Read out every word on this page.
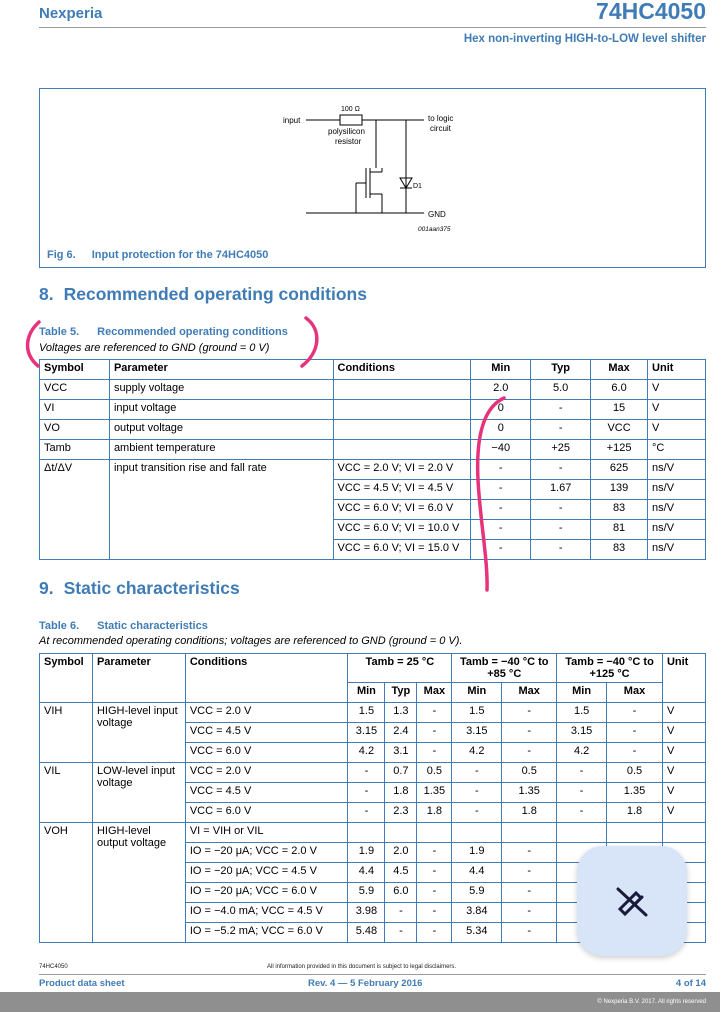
Nexperia	74HC4050
Hex non-inverting HIGH-to-LOW level shifter
input
100 Ω
polysilicon
resistor
to logic
circuit
D1
GND
001aan375
Fig 6. Input protection for the 74HC4050
8. Recommended operating conditions
Table 5. Recommended operating conditions
Voltages are referenced to GND (ground = 0 V)
Symbol	Parameter	Conditions	Min	Typ	Max	Unit
VCC	supply voltage		2.0	5.0	6.0	V
VI	input voltage		0	-	15	V
VO	output voltage		0	-	VCC	V
Tamb	ambient temperature		−40	+25	+125	°C
Δt/ΔV	input transition rise and fall rate	VCC = 2.0 V; VI = 2.0 V	-	-	625	ns/V
		VCC = 4.5 V; VI = 4.5 V	-	1.67	139	ns/V
		VCC = 6.0 V; VI = 6.0 V	-	-	83	ns/V
		VCC = 6.0 V; VI = 10.0 V	-	-	81	ns/V
		VCC = 6.0 V; VI = 15.0 V	-	-	83	ns/V
9. Static characteristics
Table 6. Static characteristics
At recommended operating conditions; voltages are referenced to GND (ground = 0 V).
Symbol	Parameter	Conditions	Tamb = 25 °C			Tamb = −40 °C to +85 °C		Tamb = −40 °C to +125 °C		Unit
			Min	Typ	Max	Min	Max	Min	Max	
VIH	HIGH-level input voltage	VCC = 2.0 V	1.5	1.3	-	1.5	-	1.5	-	V
		VCC = 4.5 V	3.15	2.4	-	3.15	-	3.15	-	V
		VCC = 6.0 V	4.2	3.1	-	4.2	-	4.2	-	V
VIL	LOW-level input voltage	VCC = 2.0 V	-	0.7	0.5	-	0.5	-	0.5	V
		VCC = 4.5 V	-	1.8	1.35	-	1.35	-	1.35	V
		VCC = 6.0 V	-	2.3	1.8	-	1.8	-	1.8	V
VOH	HIGH-level output voltage	VI = VIH or VIL								
		IO = −20 μA; VCC = 2.0 V	1.9	2.0	-	1.9	-			
		IO = −20 μA; VCC = 4.5 V	4.4	4.5	-	4.4	-			
		IO = −20 μA; VCC = 6.0 V	5.9	6.0	-	5.9	-			
		IO = −4.0 mA; VCC = 4.5 V	3.98	-	-	3.84	-			
		IO = −5.2 mA; VCC = 6.0 V	5.48	-	-	5.34	-			
74HC4050	All information provided in this document is subject to legal disclaimers.
Product data sheet	Rev. 4 — 5 February 2016	4 of 14
© Nexperia B.V. 2017. All rights reserved
